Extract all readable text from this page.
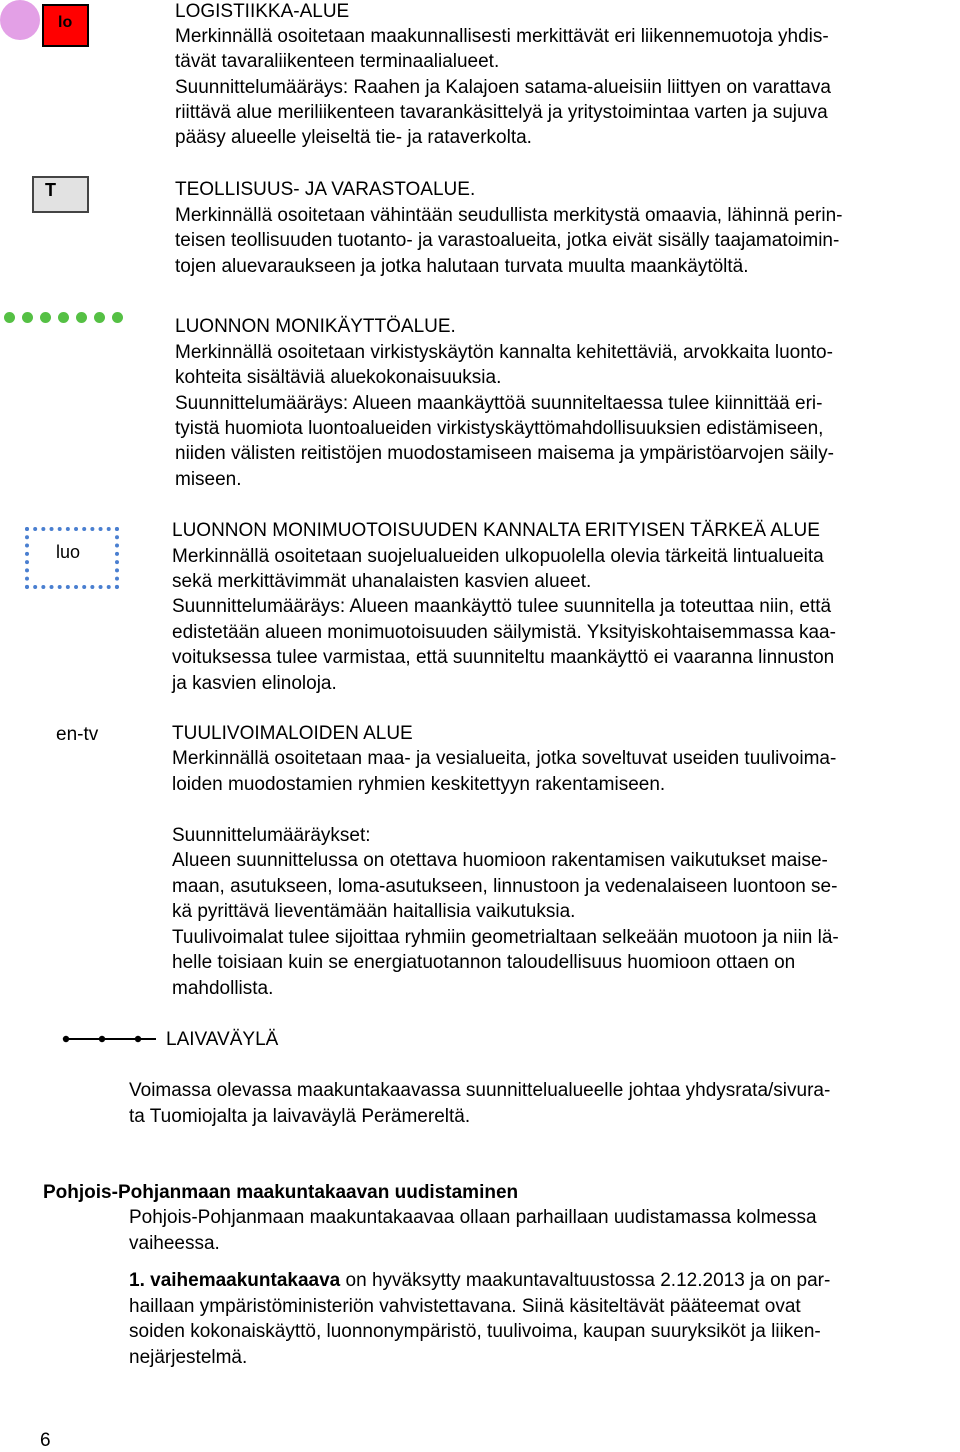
lo
T
luo
en-tv
LOGISTIIKKA-ALUE
Merkinnällä osoitetaan maakunnallisesti merkittävät eri liikennemuotoja yhdis-
tävät tavaraliikenteen terminaalialueet.
Suunnittelumääräys: Raahen ja Kalajoen satama-alueisiin liittyen on varattava
riittävä alue meriliikenteen tavarankäsittelyä ja yritystoimintaa varten ja sujuva
pääsy alueelle yleiseltä tie- ja rataverkolta.
TEOLLISUUS- JA VARASTOALUE.
Merkinnällä osoitetaan vähintään seudullista merkitystä omaavia, lähinnä perin-
teisen teollisuuden tuotanto- ja varastoalueita, jotka eivät sisälly taajamatoimin-
tojen aluevaraukseen ja jotka halutaan turvata muulta maankäytöltä.
LUONNON MONIKÄYTTÖALUE.
Merkinnällä osoitetaan virkistyskäytön kannalta kehitettäviä, arvokkaita luonto-
kohteita sisältäviä aluekokonaisuuksia.
Suunnittelumääräys: Alueen maankäyttöä suunniteltaessa tulee kiinnittää eri-
tyistä huomiota luontoalueiden virkistyskäyttömahdollisuuksien edistämiseen,
niiden välisten reitistöjen muodostamiseen maisema ja ympäristöarvojen säily-
miseen.
LUONNON MONIMUOTOISUUDEN KANNALTA ERITYISEN TÄRKEÄ ALUE
Merkinnällä osoitetaan suojelualueiden ulkopuolella olevia tärkeitä lintualueita
sekä merkittävimmät uhanalaisten kasvien alueet.
Suunnittelumääräys: Alueen maankäyttö tulee suunnitella ja toteuttaa niin, että
edistetään alueen monimuotoisuuden säilymistä. Yksityiskohtaisemmassa kaa-
voituksessa tulee varmistaa, että suunniteltu maankäyttö ei vaaranna linnuston
ja kasvien elinoloja.
TUULIVOIMALOIDEN ALUE
Merkinnällä osoitetaan maa- ja vesialueita, jotka soveltuvat useiden tuulivoima-
loiden muodostamien ryhmien keskitettyyn rakentamiseen.
Suunnittelumääräykset:
Alueen suunnittelussa on otettava huomioon rakentamisen vaikutukset maise-
maan, asutukseen, loma-asutukseen, linnustoon ja vedenalaiseen luontoon se-
kä pyrittävä lieventämään haitallisia vaikutuksia.
Tuulivoimalat tulee sijoittaa ryhmiin geometrialtaan selkeään muotoon ja niin lä-
helle toisiaan kuin se energiatuotannon taloudellisuus huomioon ottaen on
mahdollista.
LAIVAVÄYLÄ
Voimassa olevassa maakuntakaavassa suunnittelualueelle johtaa yhdysrata/sivura-
ta Tuomiojalta ja laivaväylä Perämereltä.
Pohjois-Pohjanmaan maakuntakaavan uudistaminen
Pohjois-Pohjanmaan maakuntakaavaa ollaan parhaillaan uudistamassa kolmessa
vaiheessa.
1. vaihemaakuntakaava on hyväksytty maakuntavaltuustossa 2.12.2013 ja on par-
haillaan ympäristöministeriön vahvistettavana. Siinä käsiteltävät pääteemat ovat
soiden kokonaiskäyttö, luonnonympäristö, tuulivoima, kaupan suuryksiköt ja liiken-
nejärjestelmä.
6
